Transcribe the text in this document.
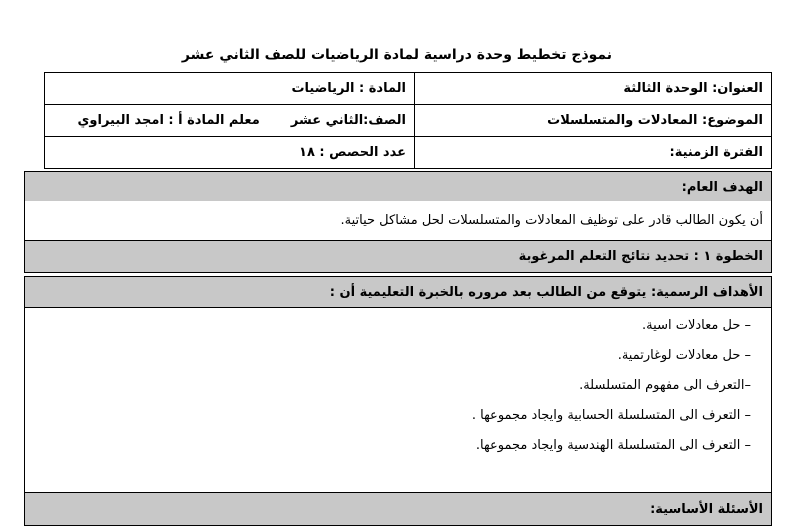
نموذج تخطيط وحدة دراسية لمادة الرياضيات للصف الثاني عشر
العنوان: الوحدة الثالثة	المادة : الرياضيات
الموضوع: المعادلات والمتسلسلات	الصف:الثاني عشر  معلم المادة أ : امجد البيراوي
الفترة الزمنية:	عدد الحصص : ١٨
الهدف العام:
أن يكون الطالب قادر على توظيف المعادلات والمتسلسلات لحل مشاكل حياتية.
الخطوة ١ : تحديد نتائج التعلم المرغوبة
الأهداف الرسمية: يتوقع من الطالب بعد مروره بالخبرة التعليمية أن :
– حل معادلات اسية.
– حل معادلات لوغارتمية.
–التعرف الى مفهوم المتسلسلة.
– التعرف الى المتسلسلة الحسابية وايجاد مجموعها .
– التعرف الى المتسلسلة الهندسية وايجاد مجموعها.
الأسئلة الأساسية:
